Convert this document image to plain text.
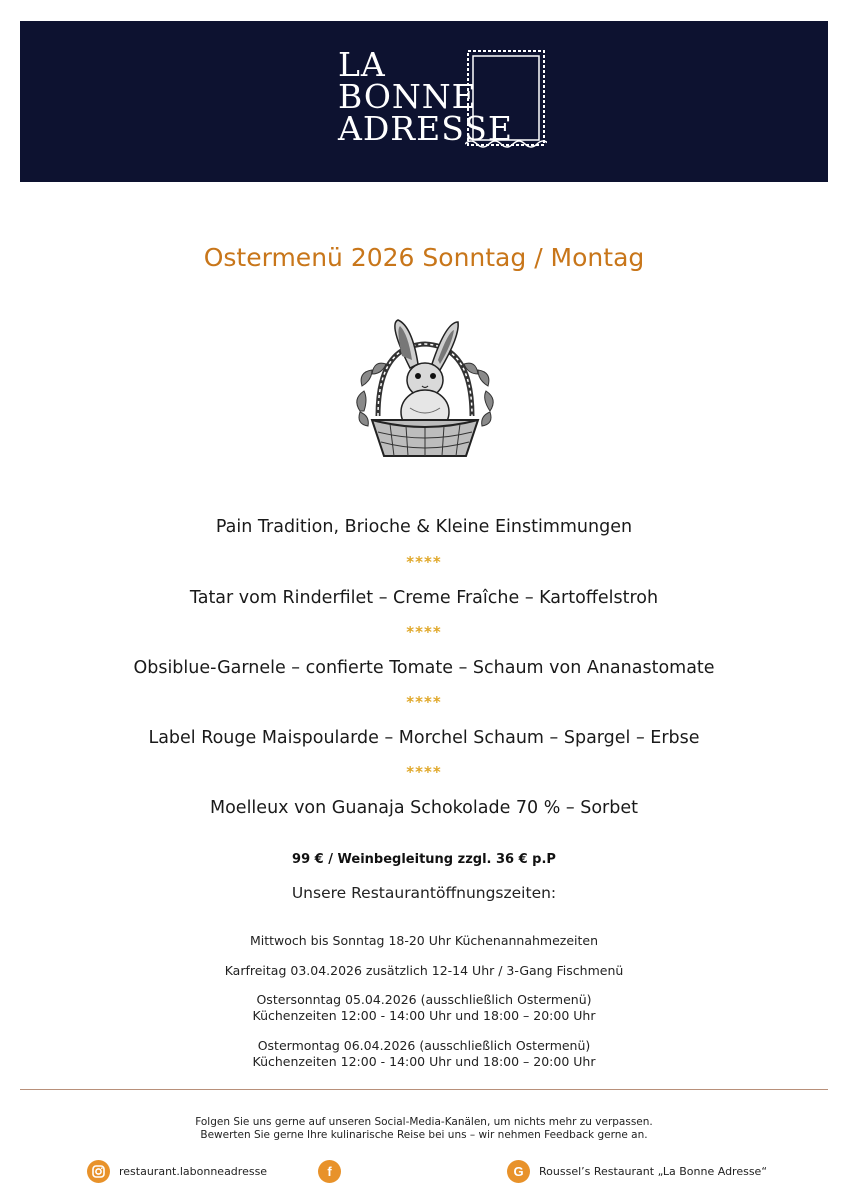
LA
BONNE
ADRESSE
Ostermenü 2026 Sonntag / Montag
Pain Tradition, Brioche & Kleine Einstimmungen
****
Tatar vom Rinderfilet – Creme Fraîche – Kartoffelstroh
****
Obsiblue-Garnele – confierte Tomate – Schaum von Ananastomate
****
Label Rouge Maispoularde – Morchel Schaum – Spargel – Erbse
****
Moelleux von Guanaja Schokolade 70 % – Sorbet
99 € / Weinbegleitung zzgl. 36 € p.P
Unsere Restaurantöffnungszeiten:
Mittwoch bis Sonntag 18-20 Uhr Küchenannahmezeiten
Karfreitag 03.04.2026 zusätzlich 12-14 Uhr / 3-Gang Fischmenü
Ostersonntag 05.04.2026 (ausschließlich Ostermenü)
Küchenzeiten 12:00 - 14:00 Uhr und 18:00 – 20:00 Uhr
Ostermontag 06.04.2026 (ausschließlich Ostermenü)
Küchenzeiten 12:00 - 14:00 Uhr und 18:00 – 20:00 Uhr
Folgen Sie uns gerne auf unseren Social-Media-Kanälen, um nichts mehr zu verpassen.
Bewerten Sie gerne Ihre kulinarische Reise bei uns – wir nehmen Feedback gerne an.
restaurant.labonneadresse	f	G	Roussel’s Restaurant „La Bonne Adresse“
